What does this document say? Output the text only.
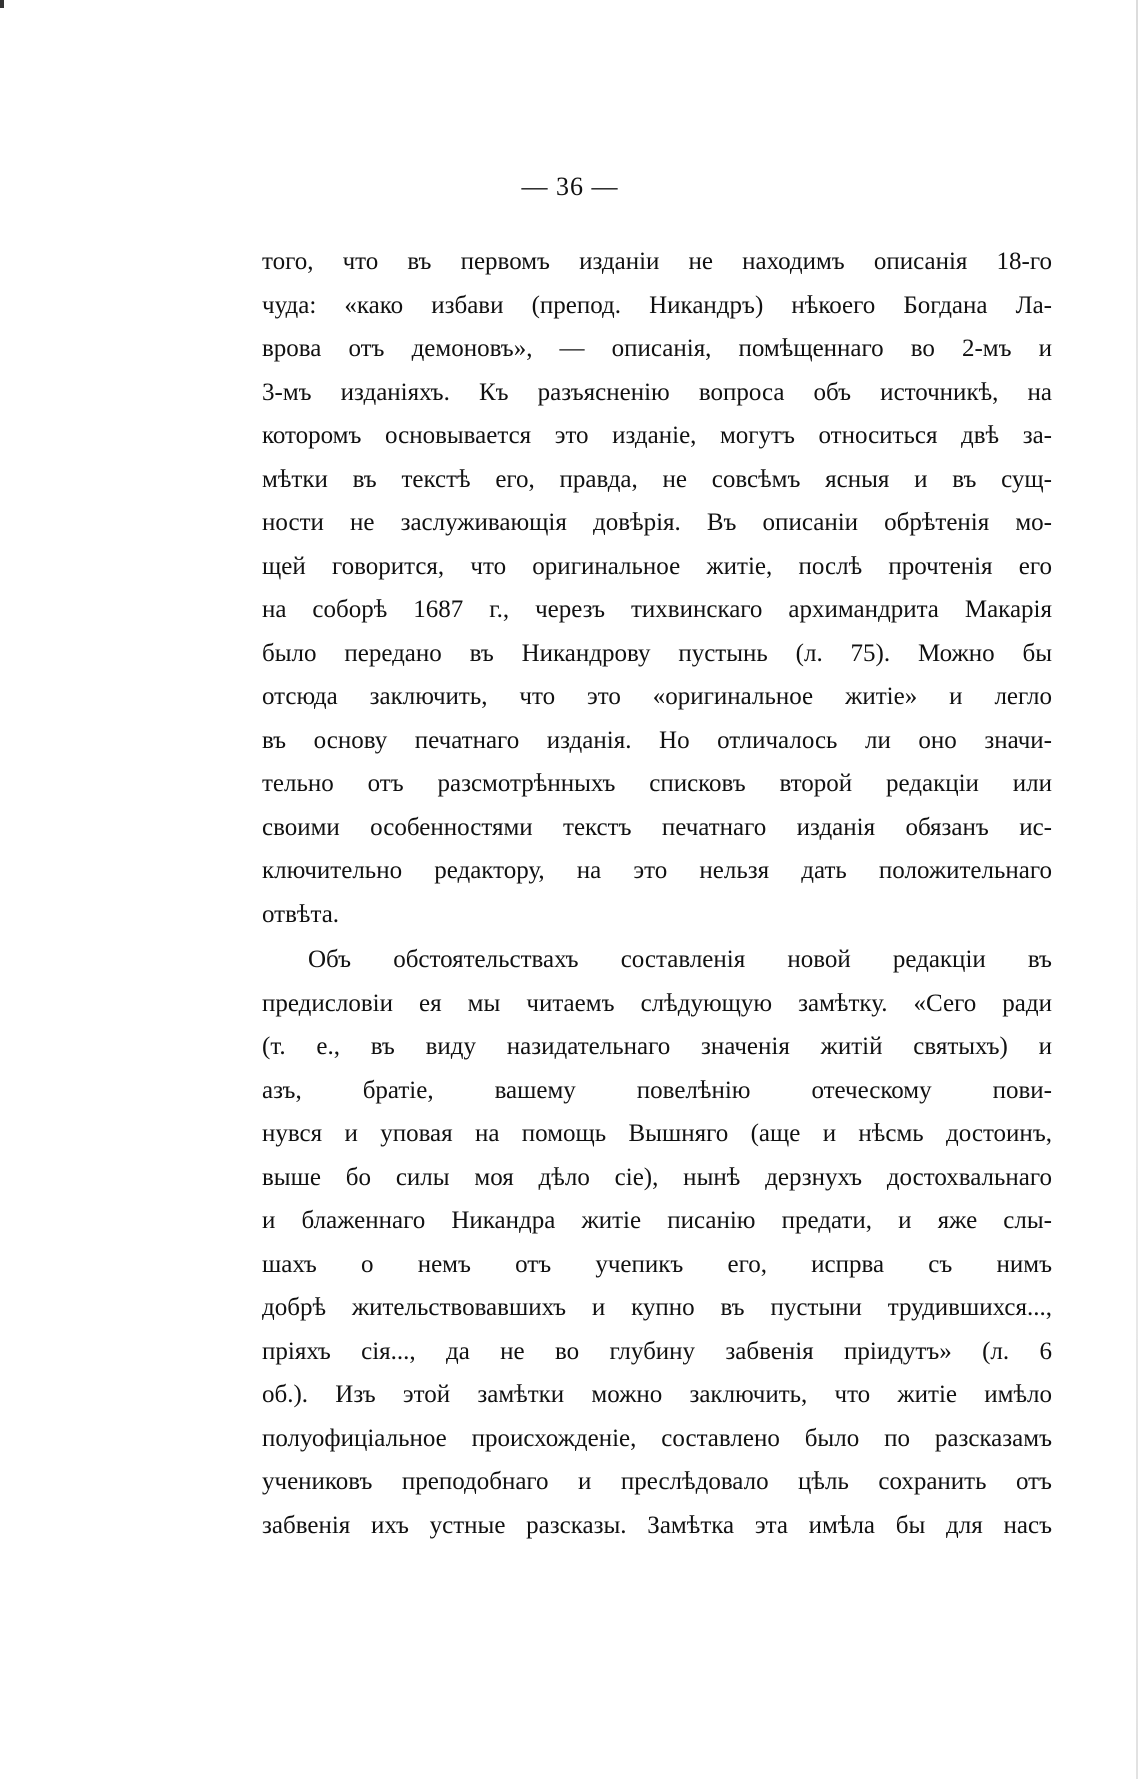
— 36 —
того, что въ первомъ изданіи не находимъ описанія 18-го
чуда: «како избави (препод. Никандръ) нѣкоего Богдана Ла-
врова отъ демоновъ», — описанія, помѣщеннаго во 2-мъ и
3-мъ изданіяхъ. Къ разъясненію вопроса объ источникѣ, на
которомъ основывается это изданіе, могутъ относиться двѣ за-
мѣтки въ текстѣ его, правда, не совсѣмъ ясныя и въ сущ-
ности не заслуживающія довѣрія. Въ описаніи обрѣтенія мо-
щей говорится, что оригинальное житіе, послѣ прочтенія его
на соборѣ 1687 г., черезъ тихвинскаго архимандрита Макарія
было передано въ Никандрову пустынь (л. 75). Можно бы
отсюда заключить, что это «оригинальное житіе» и легло
въ основу печатнаго изданія. Но отличалось ли оно значи-
тельно отъ разсмотрѣнныхъ списковъ второй редакціи или
своими особенностями текстъ печатнаго изданія обязанъ ис-
ключительно редактору, на это нельзя дать положительнаго
отвѣта.
Объ обстоятельствахъ составленія новой редакціи въ
предисловіи ея мы читаемъ слѣдующую замѣтку. «Сего ради
(т. е., въ виду назидательнаго значенія житій святыхъ) и
азъ, братіе, вашему повелѣнію отеческому пови-
нувся и уповая на помощь Вышняго (аще и нѣсмь достоинъ,
выше бо силы моя дѣло сіе), нынѣ дерзнухъ достохвальнаго
и блаженнаго Никандра житіе писанію предати, и яже слы-
шахъ о немъ отъ учепикъ его, испрва съ нимъ
добрѣ жительствовавшихъ и купно въ пустыни трудившихся...,
пріяхъ сія..., да не во глубину забвенія пріидутъ» (л. 6
об.). Изъ этой замѣтки можно заключить, что житіе имѣло
полуофиціальное происхожденіе, составлено было по разсказамъ
учениковъ преподобнаго и преслѣдовало цѣль сохранить отъ
забвенія ихъ устные разсказы. Замѣтка эта имѣла бы для насъ
